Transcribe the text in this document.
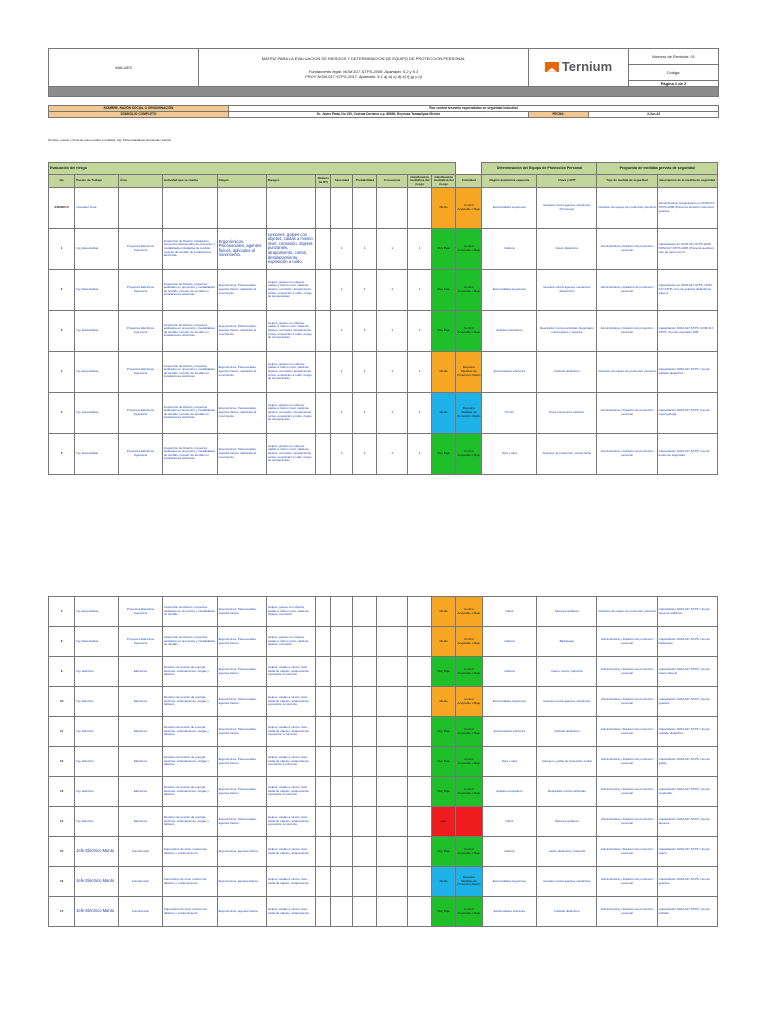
WALUES	
MATRIZ PARA LA EVALUACION DE RIESGOS Y DETERMINACION DE EQUIPO DE PROTECCION PERSONAL
Fundamento legal: NOM-017-STPS-2008, Apartado: 5.2 y 5.3
PROY NOM-017-STPS-2017, Apartado: 5.1 a) b) c) d) e) f) g) y h)

Ternium
	Número de Revisión: 01
Código:
Página 1 de 2

NOMBRE, RAZÓN SOCIAL O DENOMINACIÓN	Rox confort tesmeilo especialistas en seguridad industrial		
DOMICILIO COMPLETO	Dr. Javier Plata, No 150, Colonia Dorismo c.p. 88690, Reynosa Tamaulipas Mexico	FECHA:	4-Jun-24
Nombre, puesto y firma de quien realizo el análisis: Ing. Perla Guadalupe Hernandez Jacinto
Evaluación del riesgo													Determinación del Equipo de Protección Personal		Propuesta de medidas previas de seguridad	
No	Puesto de Trabajo	Área	Actividad que se realiza	Peligro	Riesgos	Número de RTI	Severidad	Probabilidad	Frecuencia	Clasificación cualitativa del riesgo	Clasificación cualitativa del riesgo	Criticidad	Región anatómica expuesta	Clave y EPP	Tipo de medida de seguridad	Descripción de la medida de seguridad
EJEMPLO	Operador Grúa										Medio	Control Aceptable o Bajo	Extremidades superiores	Guantes contra agentes mecánicos (fricciones)	Dotación de equipo de protección personal	Administrativa: Capacitación en NOM-017-STPS-2008 (Primeros auxilios) instructivo guantes.
1	Ing. Especialista	Proyectos Eléctricos Ingeniería	Inspección de Diseño, Instalación, proyectos relacionados de proyectos y modalidades instaladas de tendido, revisión de tendido de instalaciones eléctricas.	Ergonómicos, Psicosociales, agentes físicos, aplicados al movimiento.	Lesiones, golpes con objetos, caidas a mismo nivel, contusión, objetos punzantes, atrapamiento, cortes, desplazamiento, exposición a ruido.		1	1	1	1	Muy Bajo	Control Aceptable o Bajo	Cabeza	Casco dieléctrico	Administrativa y Dotación de protección personal	Capacitación en NOM-017-STPS-2008, NOM-017-STPS 2008 (Primeros auxilios). Uso de casco tipo II.
2	Ing. Especialista	Proyectos Eléctricos Ingeniería	Inspección de Diseño, proyectos acabados en proyectos y modalidades de tendido, revisión de tendido en instalaciones eléctricas.	Ergonómicos, Psicosociales, agentes físicos, aplicados al movimiento.	Golpes, golpes con objetos, caidas a mismo nivel, caida de objetos, contusión, atrapamiento, cortes, exposición a ruido, riesgo de temperaturas.		1	1	1	1	Muy Bajo	Control Aceptable o Bajo	Extremidades superiores	Guantes contra agentes mecánicos dieléctricos	Administrativa y Dotación de protección personal	Capacitación en NOM-017-STPS, NOM-017-STPS. Uso de guantes dieléctricos clase 2.
3	Ing. Especialista	Proyectos Eléctricos Ingeniería	Inspección de Diseño, proyectos acabados en proyectos y modalidades de tendido, revisión de tendido en instalaciones eléctricas.	Ergonómicos, Psicosociales, agentes físicos, aplicados al movimiento.	Golpes, golpes con objetos, caidas a mismo nivel, caida de objetos, contusión, atrapamiento, cortes, exposición a ruido, riesgo de temperaturas.		1	1	1	1	Muy Bajo	Control Aceptable o Bajo	Aparato respiratorio	Respirador contra partículas, Respirador contra gases y vapores	Administrativa y Dotación de protección personal	Capacitación NOM-017-STPS, NOM-017-STPS. Uso de respirador N95.
4	Ing. Especialista	Proyectos Eléctricos Ingeniería	Inspección de Diseño, proyectos acabados en proyectos y modalidades de tendido, revisión de tendido en instalaciones eléctricas.	Ergonómicos, Psicosociales, agentes físicos, aplicados al movimiento.	Golpes, golpes con objetos, caidas a mismo nivel, caida de objetos, contusión, atrapamiento, cortes, exposición a ruido, riesgo de temperaturas.		1	1	1	1	Medio	Requiere Medidas de Protección Medio	Extremidades inferiores	Calzado dieléctrico	Dotación de equipo de protección personal	Capacitación NOM-017-STPS. Uso de calzado dieléctrico.
5	Ing. Especialista	Proyectos Eléctricos Ingeniería	Inspección de Diseño, proyectos acabados en proyectos y modalidades de tendido, revisión de tendido en instalaciones eléctricas.	Ergonómicos, Psicosociales, agentes físicos, aplicados al movimiento.	Golpes, golpes con objetos, caidas a mismo nivel, caida de objetos, contusión, atrapamiento, cortes, exposición a ruido, riesgo de temperaturas.		1	1	1	1	Medio	Requiere Medidas de Protección Medio	Tronco	Ropa contra arco eléctrico	Administrativa y Dotación de protección personal	Capacitación NOM-017-STPS. Uso de ropa ignífuga.
6	Ing. Especialista	Proyectos Eléctricos Ingeniería	Inspección de Diseño, proyectos acabados en proyectos y modalidades de tendido, revisión de tendido en instalaciones eléctricas.	Ergonómicos, Psicosociales, agentes físicos, aplicados al movimiento.	Golpes, golpes con objetos, caidas a mismo nivel, caida de objetos, contusión, atrapamiento, cortes, exposición a ruido, riesgo de temperaturas.		1	1	1	1	Muy Bajo	Control Aceptable o Bajo	Ojos y cara	Anteojos de protección, careta facial	Administrativa y Dotación de protección personal	Capacitación NOM-017-STPS. Uso de lentes de seguridad.
7	Ing. Especialista	Proyectos Eléctricos Ingeniería	Inspección de Diseño, proyectos acabados en proyectos y modalidades de tendido.	Ergonómicos, Psicosociales, agentes físicos.	Golpes, golpes con objetos, caidas a mismo nivel, caida de objetos, contusión.						Medio	Control Aceptable o Bajo	Oídos	Tapones auditivos	Dotación de equipo de protección personal	Capacitación NOM-017-STPS. Uso de tapones auditivos.
8	Ing. Especialista	Proyectos Eléctricos Ingeniería	Inspección de Diseño, proyectos acabados en proyectos y modalidades de tendido.	Ergonómicos, Psicosociales, agentes físicos.	Golpes, golpes con objetos, caidas a mismo nivel, caida de objetos, contusión.						Medio	Control Aceptable o Bajo	Cabeza	Barbiquejo	Administrativa y Dotación de protección personal	Capacitación NOM-017-STPS. Uso de barbiquejo.
9	Ing. Eléctrico	Eléctricos	Revisión de tensión de energía eléctrica, subestaciones, cargas y tableros.	Ergonómicos, Psicosociales, agentes físicos.	Golpes, caidas a mismo nivel, caida de objetos, atrapamiento, exposición a corriente.						Muy Bajo	Control Aceptable o Bajo	Cabeza	Casco, Gorra, Capucha	Administrativa y Dotación de protección personal	Capacitación NOM-017-STPS. Uso de casco clase E.
10	Ing. Eléctrico	Eléctricos	Revisión de tensión de energía eléctrica, subestaciones, cargas y tableros.	Ergonómicos, Psicosociales, agentes físicos.	Golpes, caidas a mismo nivel, caida de objetos, atrapamiento, exposición a corriente.						Medio	Control Aceptable o Bajo	Extremidades superiores	Guantes contra agentes mecánicos	Administrativa y Dotación de protección personal	Capacitación NOM-017-STPS. Uso de guantes.
11	Ing. Eléctrico	Eléctricos	Revisión de tensión de energía eléctrica, subestaciones, cargas y tableros.	Ergonómicos, Psicosociales, agentes físicos.	Golpes, caidas a mismo nivel, caida de objetos, atrapamiento, exposición a corriente.						Muy Bajo	Control Aceptable o Bajo	Extremidades inferiores	Calzado dieléctrico	Administrativa y Dotación de protección personal	Capacitación NOM-017-STPS. Uso de calzado dieléctrico.
12	Ing. Eléctrico	Eléctricos	Revisión de tensión de energía eléctrica, subestaciones, cargas y tableros.	Ergonómicos, Psicosociales, agentes físicos.	Golpes, caidas a mismo nivel, caida de objetos, atrapamiento, exposición a corriente.						Muy Bajo	Control Aceptable o Bajo	Ojos y cara	Anteojos y gafas de protección ocular	Administrativa y Dotación de protección personal	Capacitación NOM-017-STPS. Uso de gafas.
13	Ing. Eléctrico	Eléctricos	Revisión de tensión de energía eléctrica, subestaciones, cargas y tableros.	Ergonómicos, Psicosociales, agentes físicos.	Golpes, caidas a mismo nivel, caida de objetos, atrapamiento, exposición a corriente.						Muy Bajo	Control Aceptable o Bajo	Aparato respiratorio	Respirador contra partículas	Administrativa y Dotación de protección personal	Capacitación NOM-017-STPS. Uso de respirador.
14	Ing. Eléctrico	Eléctricos	Revisión de tensión de energía eléctrica, subestaciones, cargas y tableros.	Ergonómicos, Psicosociales, agentes físicos.	Golpes, caidas a mismo nivel, caida de objetos, atrapamiento, exposición a corriente.						Alto		Oídos	Tapones auditivos	Administrativa y Dotación de protección personal	Capacitación NOM-017-STPS. Uso de tapones.
15	Jefe Eléctrico Manto	Construcción	Supervisión de obra, revisión de tableros y mantenimiento.	Ergonómicos, agentes físicos.	Golpes, caidas a mismo nivel, caida de objetos, atrapamiento.						Muy Bajo	Control Aceptable o Bajo	Cabeza	Casco dieléctrico, Capucha	Administrativa y Dotación de protección personal	Capacitación NOM-017-STPS. Uso de casco.
16	Jefe Eléctrico Manto	Construcción	Supervisión de obra, revisión de tableros y mantenimiento.	Ergonómicos, agentes físicos.	Golpes, caidas a mismo nivel, caida de objetos, atrapamiento.						Medio	Requiere Medidas de Protección Medio	Extremidades superiores	Guantes contra agentes mecánicos	Administrativa y Dotación de protección personal	Capacitación NOM-017-STPS. Uso de guantes.
17	Jefe Eléctrico Manto	Construcción	Supervisión de obra, revisión de tableros y mantenimiento.	Ergonómicos, agentes físicos.	Golpes, caidas a mismo nivel, caida de objetos, atrapamiento.						Muy Bajo	Control Aceptable o Bajo	Extremidades inferiores	Calzado dieléctrico	Administrativa y Dotación de protección personal	Capacitación NOM-017-STPS. Uso de calzado.
